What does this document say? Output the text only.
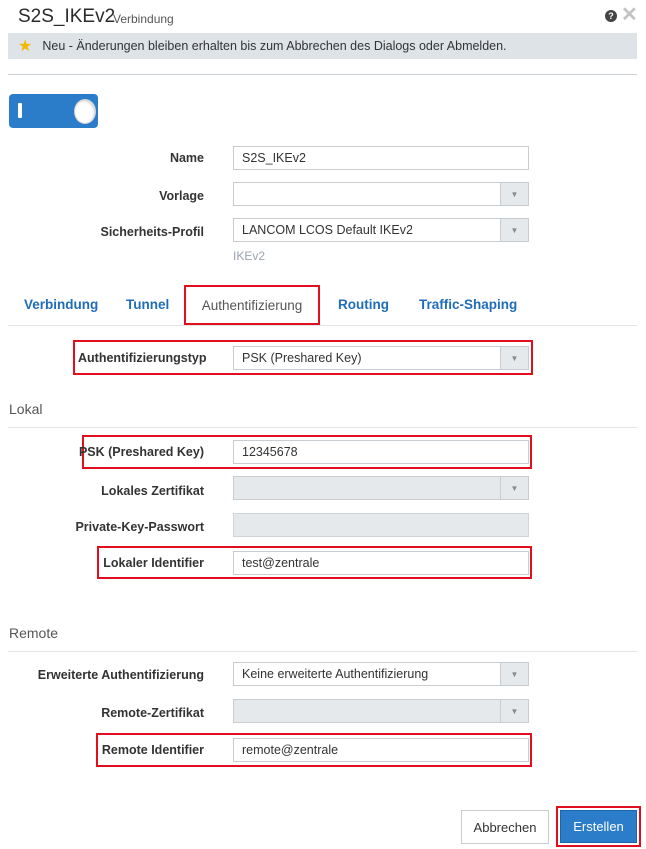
S2S_IKEv2
Verbindung	? ✕
★ Neu - Änderungen bleiben erhalten bis zum Abbrechen des Dialogs oder Abmelden.
Name	S2S_IKEv2
Vorlage	▼
Sicherheits-Profil	LANCOM LCOS Default IKEv2	▼
IKEv2
Verbindung Tunnel	Authentifizierung	Routing Traffic-Shaping
Authentifizierungstyp	PSK (Preshared Key)	▼
Lokal
PSK (Preshared Key)	12345678
Lokales Zertifikat	▼
Private-Key-Passwort
Lokaler Identifier	test@zentrale
Remote
Erweiterte Authentifizierung	Keine erweiterte Authentifizierung	▼
Remote-Zertifikat	▼
Remote Identifier	remote@zentrale
Abbrechen	Erstellen
